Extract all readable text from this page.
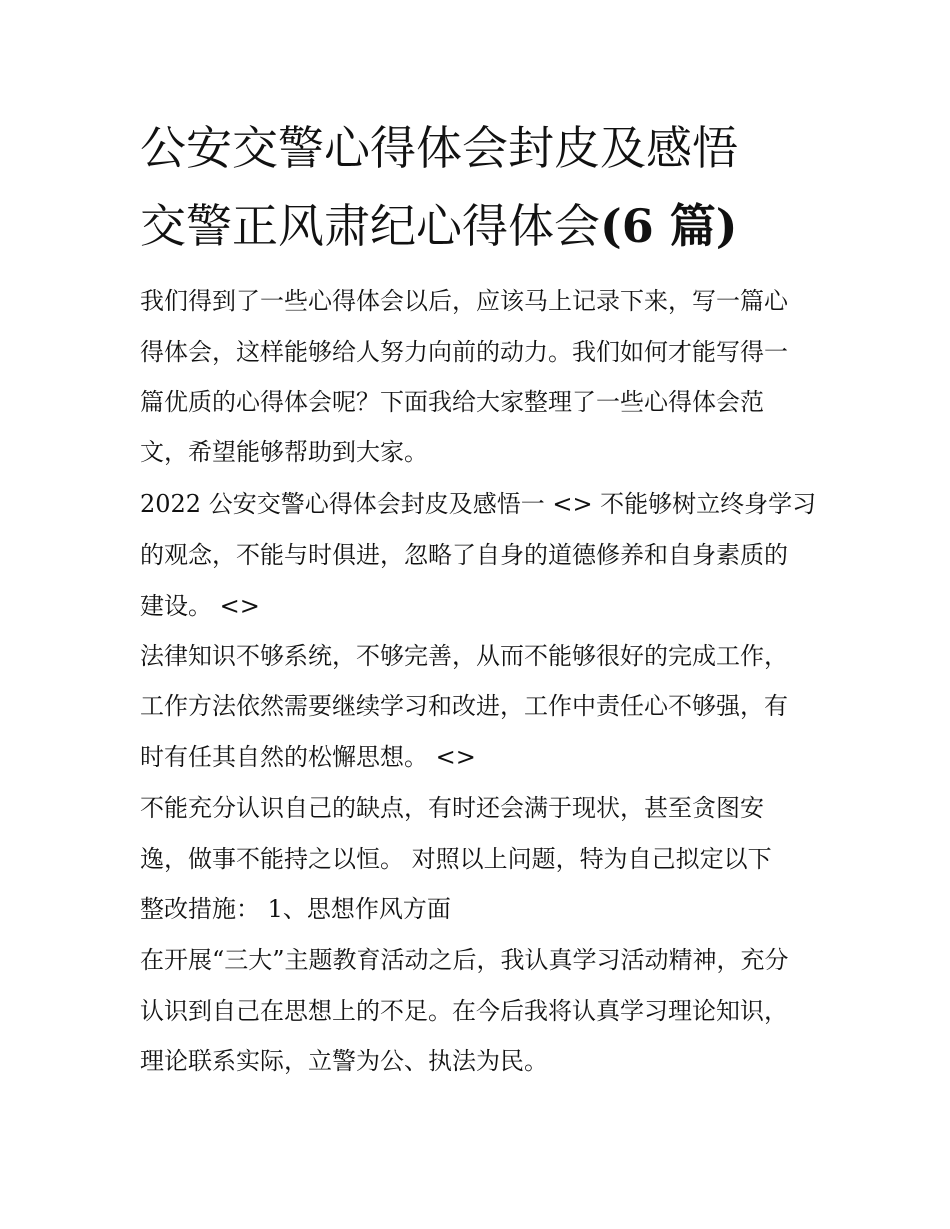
公安交警心得体会封皮及感悟
交警正风肃纪心得体会(6 篇)

我们得到了一些心得体会以后，应该马上记录下来，写一篇心

得体会，这样能够给人努力向前的动力。我们如何才能写得一

篇优质的心得体会呢？下面我给大家整理了一些心得体会范

文，希望能够帮助到大家。

2022 公安交警心得体会封皮及感悟一 <> 不能够树立终身学习

的观念，不能与时俱进，忽略了自身的道德修养和自身素质的

建设。 <>

法律知识不够系统，不够完善，从而不能够很好的完成工作，

工作方法依然需要继续学习和改进，工作中责任心不够强，有

时有任其自然的松懈思想。 <>

不能充分认识自己的缺点，有时还会满于现状，甚至贪图安

逸，做事不能持之以恒。 对照以上问题，特为自己拟定以下

整改措施： 1、思想作风方面

在开展“三大”主题教育活动之后，我认真学习活动精神，充分

认识到自己在思想上的不足。在今后我将认真学习理论知识，

理论联系实际，立警为公、执法为民。
